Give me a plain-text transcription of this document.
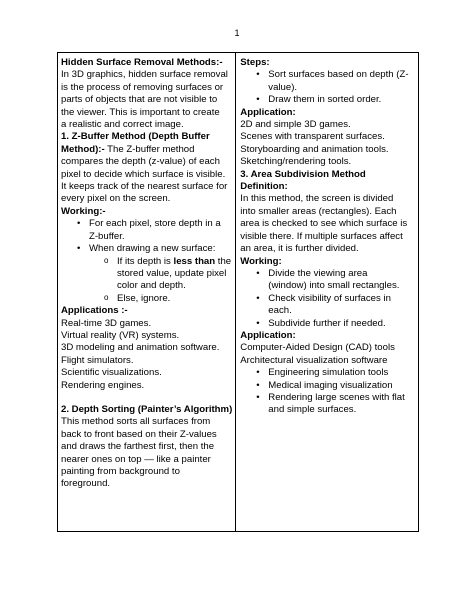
1
Hidden Surface Removal Methods:-
In 3D graphics, hidden surface removal
is the process of removing surfaces or
parts of objects that are not visible to
the viewer. This is important to create
a realistic and correct image.
1. Z-Buffer Method (Depth Buffer
Method):- The Z-buffer method
compares the depth (z-value) of each
pixel to decide which surface is visible.
It keeps track of the nearest surface for
every pixel on the screen.
Working:-
• For each pixel, store depth in a
Z-buffer.
• When drawing a new surface:
o If its depth is less than the
stored value, update pixel
color and depth.
o Else, ignore.
Applications :-
Real-time 3D games.
Virtual reality (VR) systems.
3D modeling and animation software.
Flight simulators.
Scientific visualizations.
Rendering engines.
2. Depth Sorting (Painter’s Algorithm)
This method sorts all surfaces from
back to front based on their Z-values
and draws the farthest first, then the
nearer ones on top — like a painter
painting from background to
foreground.
Steps:
• Sort surfaces based on depth (Z-
value).
• Draw them in sorted order.
Application:
2D and simple 3D games.
Scenes with transparent surfaces.
Storyboarding and animation tools.
Sketching/rendering tools.
3. Area Subdivision Method
Definition:
In this method, the screen is divided
into smaller areas (rectangles). Each
area is checked to see which surface is
visible there. If multiple surfaces affect
an area, it is further divided.
Working:
• Divide the viewing area
(window) into small rectangles.
• Check visibility of surfaces in
each.
• Subdivide further if needed.
Application:
Computer-Aided Design (CAD) tools
Architectural visualization software
• Engineering simulation tools
• Medical imaging visualization
• Rendering large scenes with flat
and simple surfaces.
